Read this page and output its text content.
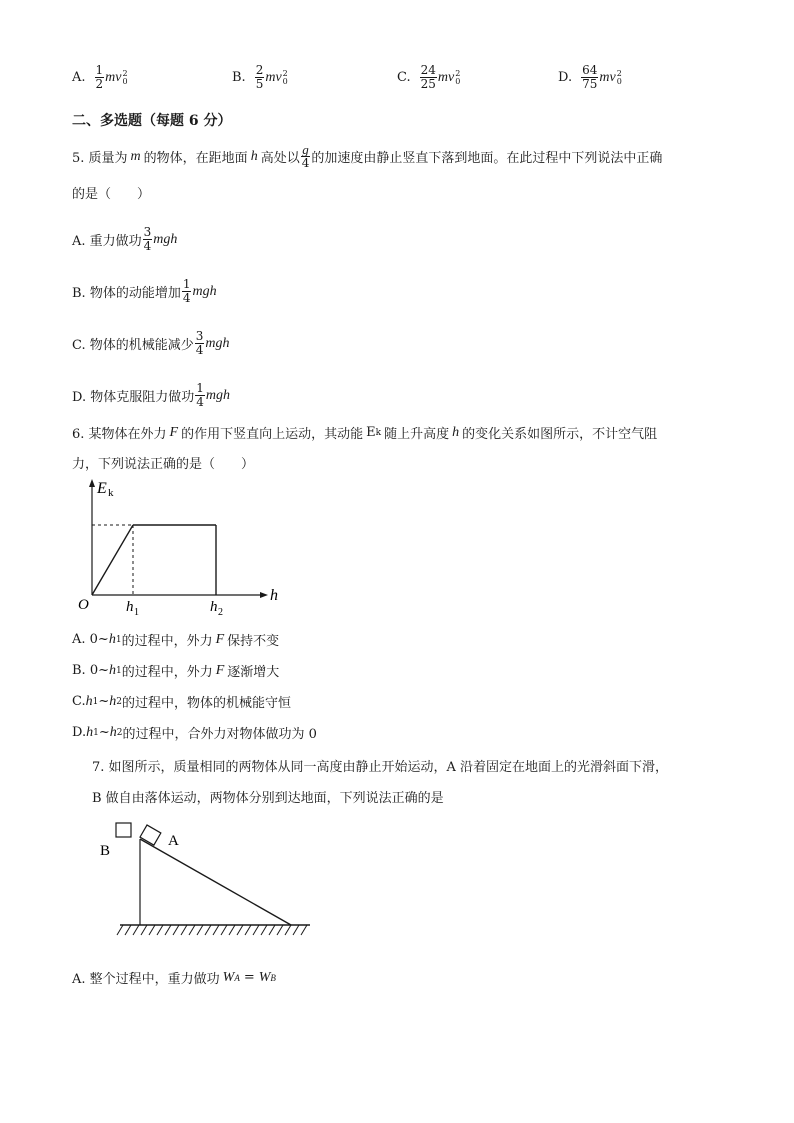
A. $\frac{1}{2}$ mv 2
0	B. $\frac{2}{5}$ mv 2
0	C. $\frac{24}{25}$ mv 2
0	D. $\frac{64}{75}$ mv 2
0
二、多选题（每题 6 分）
5. 质量为 m 的物体，在距地面 h 高处以 $\frac{g}{4}$ 的加速度由静止竖直下落到地面。在此过程中下列说法中正确
的是（　　）
A. 重力做功 $\frac{3}{4}$ mgh
B. 物体的动能增加 $\frac{1}{4}$ mgh
C. 物体的机械能减少 $\frac{3}{4}$ mgh
D. 物体克服阻力做功 $\frac{1}{4}$ mgh
6. 某物体在外力 F 的作用下竖直向上运动，其动能 E k 随上升高度 h 的变化关系如图所示，不计空气阻
力，下列说法正确的是（　　）
E k
h
O h 1	h 2
A. 0~ h 1 的过程中，外力 F 保持不变
B. 0~ h 1 的过程中，外力 F 逐渐增大
C. h 1 ~ h 2 的过程中，物体的机械能守恒
D. h 1 ~ h 2 的过程中，合外力对物体做功为 0
7. 如图所示，质量相同的两物体从同一高度由静止开始运动，A 沿着固定在地面上的光滑斜面下滑，
B 做自由落体运动，两物体分别到达地面，下列说法正确的是
B
A
A. 整个过程中，重力做功 W A = W B
